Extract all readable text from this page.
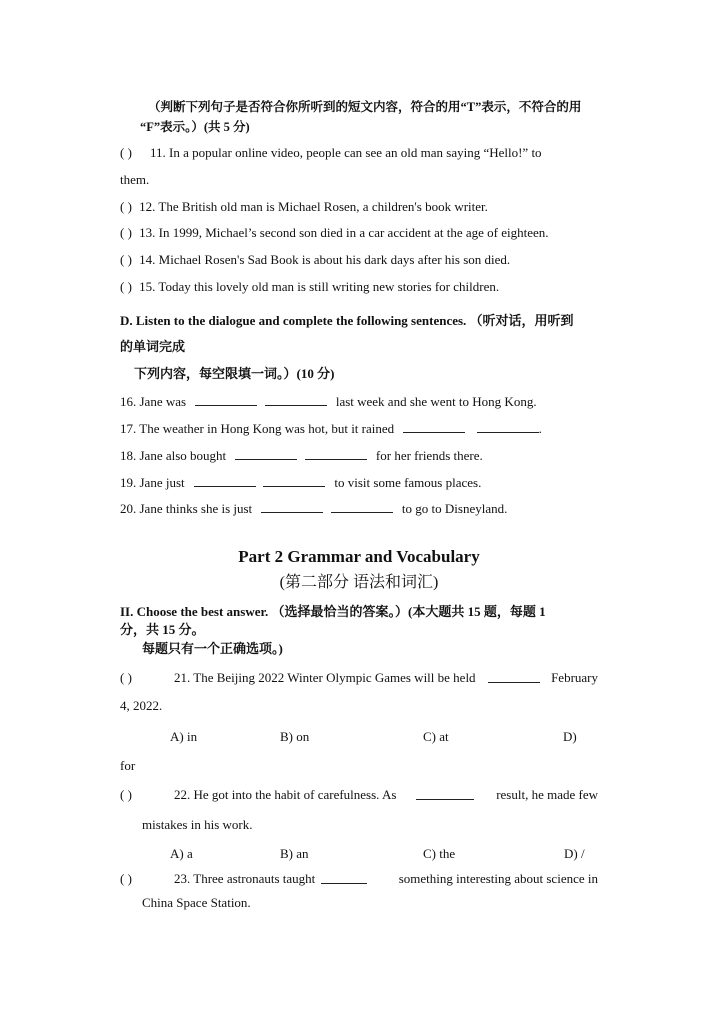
（判断下列句子是否符合你所听到的短文内容，符合的用“T”表示，不符合的用
“F”表示。）(共 5 分)
( ) 11. In a popular online video, people can see an old man saying “Hello!” to
them.
( ) 12. The British old man is Michael Rosen, a children's book writer.
( ) 13. In 1999, Michael’s second son died in a car accident at the age of eighteen.
( ) 14. Michael Rosen's Sad Book is about his dark days after his son died.
( ) 15. Today this lovely old man is still writing new stories for children.
D. Listen to the dialogue and complete the following sentences. （听对话，用听到
的单词完成
下列内容，每空限填一词。）(10 分)
16. Jane was	last week and she went to Hong Kong.
17. The weather in Hong Kong was hot, but it rained	.
18. Jane also bought	for her friends there.
19. Jane just	to visit some famous places.
20. Jane thinks she is just	to go to Disneyland.
Part 2 Grammar and Vocabulary
(第二部分 语法和词汇)
II. Choose the best answer. （选择最恰当的答案。）(本大题共 15 题，每题 1
分，共 15 分。
每题只有一个正确选项。)
( )	21. The Beijing 2022 Winter Olympic Games will be held	February
4, 2022.
A) in	B) on	C) at	D)
for
( )	22. He got into the habit of carefulness. As	result, he made few
mistakes in his work.
A) a	B) an	C) the	D) /
( )	23. Three astronauts taught	something interesting about science in
China Space Station.
